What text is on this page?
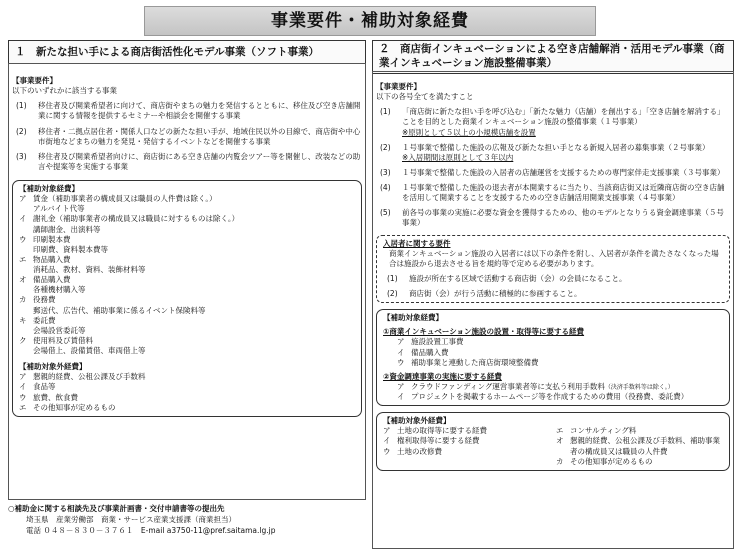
事業要件・補助対象経費
１　新たな担い手による商店街活性化モデル事業（ソフト事業）
【事業要件】
以下のいずれかに該当する事業
(1)	移住者及び開業希望者に向けて、商店街やまちの魅力を発信するとともに、移住及び空き店舗開業に関する情報を提供するセミナーや相談会を開催する事業
(2)	移住者・二拠点居住者・関係人口などの新たな担い手が、地域住民以外の目線で、商店街や中心市街地などまちの魅力を発見・発信するイベントなどを開催する事業
(3)	移住者及び開業希望者向けに、商店街にある空き店舗の内覧会ツアー等を開催し、改装などの助言や提案等を実施する事業
【補助対象経費】
ア 賃金（補助事業者の構成員又は職員の人件費は除く。）
アルバイト代等
イ 謝礼金（補助事業者の構成員又は職員に対するものは除く。）
講師謝金、出演料等
ウ 印刷製本費
印刷費、資料製本費等
エ 物品購入費
消耗品、教材、資料、装飾材料等
オ 備品購入費
各種機材購入等
カ 役務費
郵送代、広告代、補助事業に係るイベント保険料等
キ 委託費
会場設営委託等
ク 使用料及び賃借料
会場借上、設備賃借、車両借上等
【補助対象外経費】
ア 懇親的経費、公租公課及び手数料
イ 食品等
ウ 旅費、飲食費
エ その他知事が定めるもの
○補助金に関する相談先及び事業計画書・交付申請書等の提出先
埼玉県　産業労働部　商業・サービス産業支援課（商業担当）
電話 ０４８－８３０－３７６１　E-mail a3750-11@pref.saitama.lg.jp
２　商店街インキュベーションによる空き店舗解消・活用モデル事業（商業インキュベーション施設整備事業）
【事業要件】
以下の各号全てを満たすこと
(1)	「商店街に新たな担い手を呼び込む」「新たな魅力（店舗）を創出する」「空き店舗を解消する」ことを目的とした商業インキュベーション施設の整備事業（１号事業）
※原則として５以上の小規模店舗を設置
(2)	１号事業で整備した施設の広報及び新たな担い手となる新規入居者の募集事業（２号事業）
※入居期間は原則として３年以内
(3)	１号事業で整備した施設の入居者の店舗運営を支援するための専門家伴走支援事業（３号事業）
(4)	１号事業で整備した施設の退去者が本開業するに当たり、当該商店街又は近隣商店街の空き店舗を活用して開業することを支援するための空き店舗活用開業支援事業（４号事業）
(5)	前各号の事業の実施に必要な資金を獲得するための、他のモデルとなりうる資金調達事業（５号事業）
入居者に関する要件
商業インキュベーション施設の入居者には以下の条件を附し、入居者が条件を満たさなくなった場合は施設から退去させる旨を規約等で定める必要があります。
(1)	施設が所在する区域で活動する商店街（会）の会員になること。
(2)	商店街（会）が行う活動に積極的に参画すること。
【補助対象経費】
①商業インキュベーション施設の設置・取得等に要する経費
ア 施設設置工事費
イ 備品購入費
ウ 補助事業と連動した商店街環境整備費
②資金調達事業の実施に要する経費
ア クラウドファンディング運営事業者等に支払う利用手数料（決済手数料等は除く。）
イ プロジェクトを掲載するホームページ等を作成するための費用（役務費、委託費）
【補助対象外経費】
ア 土地の取得等に要する経費
イ 権利取得等に要する経費
ウ 土地の改修費
エ コンサルティング料
オ 懇親的経費、公租公課及び手数料、補助事業者の構成員又は職員の人件費
カ その他知事が定めるもの
